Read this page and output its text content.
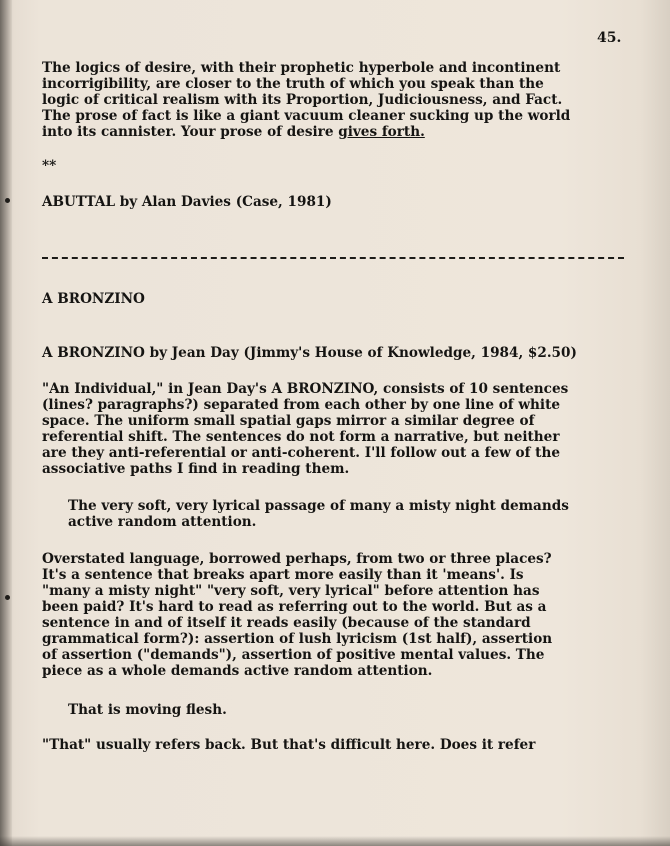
45.
The logics of desire, with their prophetic hyperbole and incontinent
incorrigibility, are closer to the truth of which you speak than the
logic of critical realism with its Proportion, Judiciousness, and Fact.
The prose of fact is like a giant vacuum cleaner sucking up the world
into its cannister. Your prose of desire gives forth.
**
ABUTTAL by Alan Davies (Case, 1981)
A BRONZINO
A BRONZINO by Jean Day (Jimmy's House of Knowledge, 1984, $2.50)
"An Individual," in Jean Day's A BRONZINO, consists of 10 sentences
(lines? paragraphs?) separated from each other by one line of white
space. The uniform small spatial gaps mirror a similar degree of
referential shift. The sentences do not form a narrative, but neither
are they anti-referential or anti-coherent. I'll follow out a few of the
associative paths I find in reading them.
The very soft, very lyrical passage of many a misty night demands
active random attention.
Overstated language, borrowed perhaps, from two or three places?
It's a sentence that breaks apart more easily than it 'means'. Is
"many a misty night" "very soft, very lyrical" before attention has
been paid? It's hard to read as referring out to the world. But as a
sentence in and of itself it reads easily (because of the standard
grammatical form?): assertion of lush lyricism (1st half), assertion
of assertion ("demands"), assertion of positive mental values. The
piece as a whole demands active random attention.
That is moving flesh.
"That" usually refers back. But that's difficult here. Does it refer
